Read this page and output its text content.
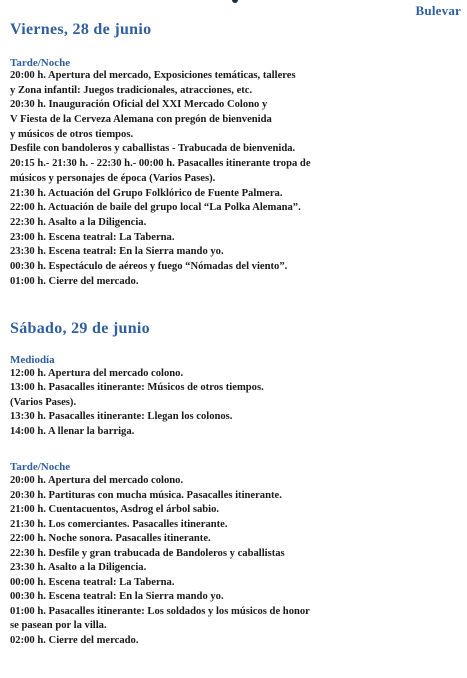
Bulevar
Viernes, 28 de junio
Tarde/Noche
20:00 h. Apertura del mercado, Exposiciones temáticas, talleres
y Zona infantil: Juegos tradicionales, atracciones, etc.
20:30 h. Inauguración Oficial del XXI Mercado Colono y
V Fiesta de la Cerveza Alemana con pregón de bienvenida
y músicos de otros tiempos.
Desfile con bandoleros y caballistas - Trabucada de bienvenida.
20:15 h.- 21:30 h. - 22:30 h.- 00:00 h. Pasacalles itinerante tropa de
músicos y personajes de época (Varios Pases).
21:30 h. Actuación del Grupo Folklórico de Fuente Palmera.
22:00 h. Actuación de baile del grupo local “La Polka Alemana”.
22:30 h. Asalto a la Diligencia.
23:00 h. Escena teatral: La Taberna.
23:30 h. Escena teatral: En la Sierra mando yo.
00:30 h. Espectáculo de aéreos y fuego “Nómadas del viento”.
01:00 h. Cierre del mercado.
Sábado, 29 de junio
Mediodía
12:00 h. Apertura del mercado colono.
13:00 h. Pasacalles itinerante: Músicos de otros tiempos.
(Varios Pases).
13:30 h. Pasacalles itinerante: Llegan los colonos.
14:00 h. A llenar la barriga.
Tarde/Noche
20:00 h. Apertura del mercado colono.
20:30 h. Partituras con mucha música. Pasacalles itinerante.
21:00 h. Cuentacuentos, Asdrog el árbol sabio.
21:30 h. Los comerciantes. Pasacalles itinerante.
22:00 h. Noche sonora. Pasacalles itinerante.
22:30 h. Desfile y gran trabucada de Bandoleros y caballistas
23:30 h. Asalto a la Diligencia.
00:00 h. Escena teatral: La Taberna.
00:30 h. Escena teatral: En la Sierra mando yo.
01:00 h. Pasacalles itinerante: Los soldados y los músicos de honor
se pasean por la villa.
02:00 h. Cierre del mercado.
